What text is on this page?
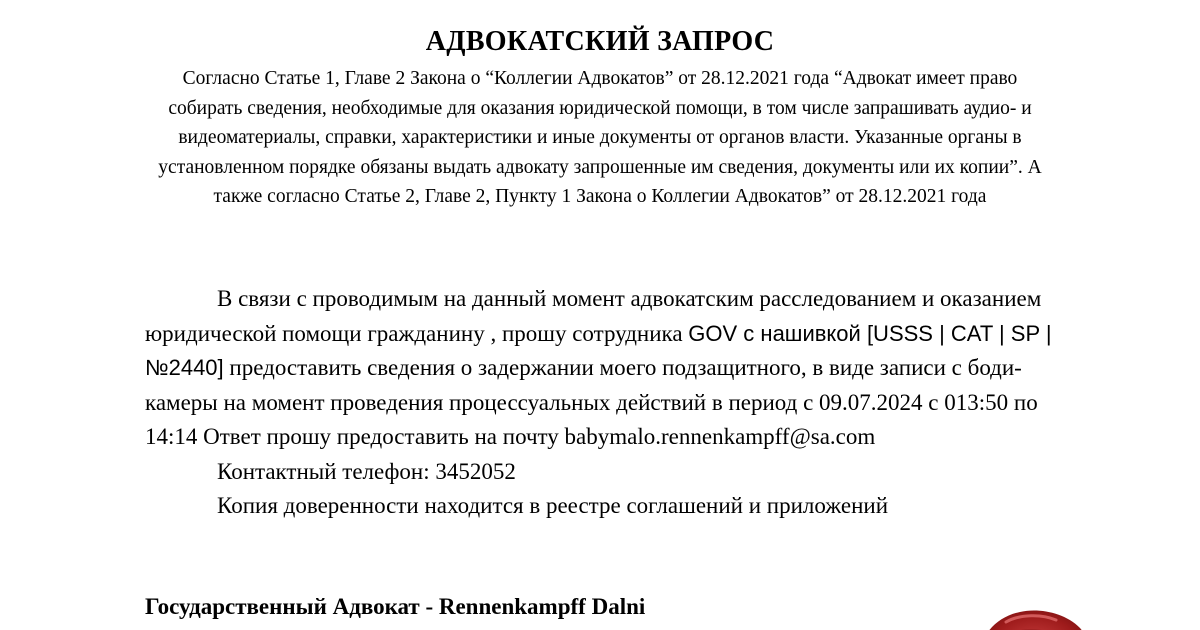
АДВОКАТСКИЙ ЗАПРОС
Согласно Статье 1, Главе 2 Закона о “Коллегии Адвокатов” от 28.12.2021 года “Адвокат имеет право собирать сведения, необходимые для оказания юридической помощи, в том числе запрашивать аудио- и видеоматериалы, справки, характеристики и иные документы от органов власти. Указанные органы в установленном порядке обязаны выдать адвокату запрошенные им сведения, документы или их копии”. А также согласно Статье 2, Главе 2, Пункту 1 Закона о Коллегии Адвокатов” от 28.12.2021 года

В связи с проводимым на данный момент адвокатским расследованием и оказанием юридической помощи гражданину , прошу сотрудника GOV с нашивкой [USSS | CAT | SP | №2440] предоставить сведения о задержании моего подзащитного, в виде записи с боди-камеры на момент проведения процессуальных действий в период с 09.07.2024 с 013:50 по 14:14 Ответ прошу предоставить на почту babymalo.rennenkampff@sa.com

Контактный телефон: 3452052

Копия доверенности находится в реестре соглашений и приложений

Государственный Адвокат - Rennenkampff Dalni
